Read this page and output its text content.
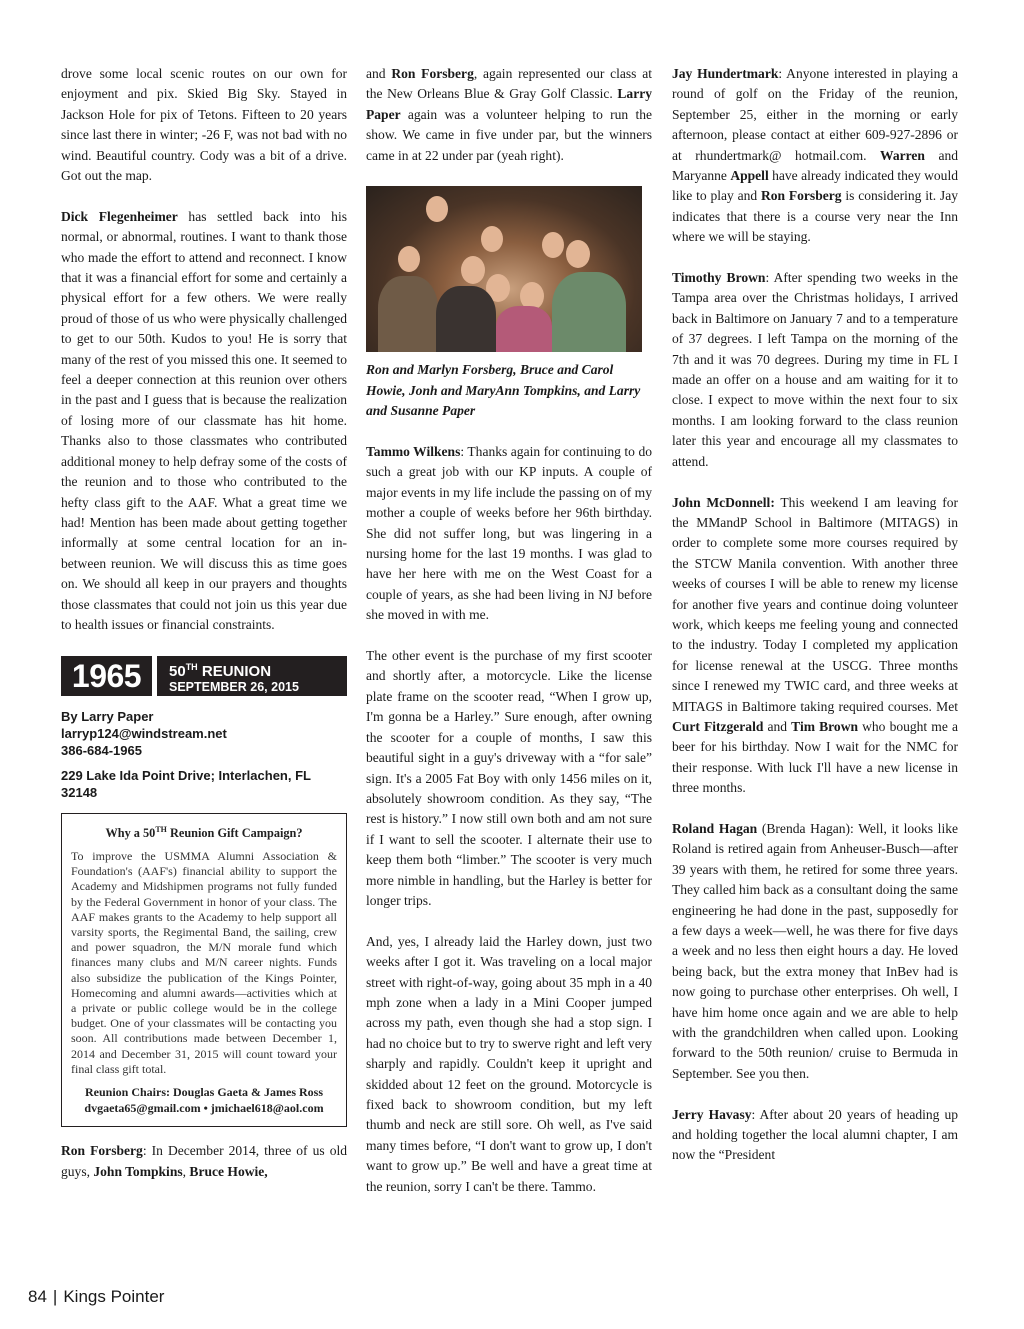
drove some local scenic routes on our own for enjoyment and pix. Skied Big Sky. Stayed in Jackson Hole for pix of Tetons. Fifteen to 20 years since last there in winter; -26 F, was not bad with no wind. Beautiful country. Cody was a bit of a drive. Got out the map.

Dick Flegenheimer has settled back into his normal, or abnormal, routines. I want to thank those who made the effort to attend and reconnect. I know that it was a financial effort for some and certainly a physical effort for a few others. We were really proud of those of us who were physically challenged to get to our 50th. Kudos to you! He is sorry that many of the rest of you missed this one. It seemed to feel a deeper connection at this reunion over others in the past and I guess that is because the realization of losing more of our classmate has hit home. Thanks also to those classmates who contributed additional money to help defray some of the costs of the reunion and to those who contributed to the hefty class gift to the AAF. What a great time we had! Mention has been made about getting together informally at some central location for an in-between reunion. We will discuss this as time goes on. We should all keep in our prayers and thoughts those classmates that could not join us this year due to health issues or financial constraints.

1965	50TH REUNION
SEPTEMBER 26, 2015
By Larry Paper
larryp124@windstream.net
386-684-1965
229 Lake Ida Point Drive; Interlachen, FL 32148
Why a 50TH Reunion Gift Campaign?
To improve the USMMA Alumni Association & Foundation's (AAF's) financial ability to support the Academy and Midshipmen programs not fully funded by the Federal Government in honor of your class. The AAF makes grants to the Academy to help support all varsity sports, the Regimental Band, the sailing, crew and power squadron, the M/N morale fund which finances many clubs and M/N career nights. Funds also subsidize the publication of the Kings Pointer, Homecoming and alumni awards—activities which at a private or public college would be in the college budget. One of your classmates will be contacting you soon. All contributions made between December 1, 2014 and December 31, 2015 will count toward your final class gift total.
Reunion Chairs: Douglas Gaeta & James Ross
dvgaeta65@gmail.com • jmichael618@aol.com

Ron Forsberg: In December 2014, three of us old guys, John Tompkins, Bruce Howie,

and Ron Forsberg, again represented our class at the New Orleans Blue & Gray Golf Classic. Larry Paper again was a volunteer helping to run the show. We came in five under par, but the winners came in at 22 under par (yeah right).

Ron and Marlyn Forsberg, Bruce and Carol Howie, Jonh and MaryAnn Tompkins, and Larry and Susanne Paper

Tammo Wilkens: Thanks again for continuing to do such a great job with our KP inputs. A couple of major events in my life include the passing on of my mother a couple of weeks before her 96th birthday. She did not suffer long, but was lingering in a nursing home for the last 19 months. I was glad to have her here with me on the West Coast for a couple of years, as she had been living in NJ before she moved in with me.

The other event is the purchase of my first scooter and shortly after, a motorcycle. Like the license plate frame on the scooter read, “When I grow up, I'm gonna be a Harley.” Sure enough, after owning the scooter for a couple of months, I saw this beautiful sight in a guy's driveway with a “for sale” sign. It's a 2005 Fat Boy with only 1456 miles on it, absolutely showroom condition. As they say, “The rest is history.” I now still own both and am not sure if I want to sell the scooter. I alternate their use to keep them both “limber.” The scooter is very much more nimble in handling, but the Harley is better for longer trips.

And, yes, I already laid the Harley down, just two weeks after I got it. Was traveling on a local major street with right-of-way, going about 35 mph in a 40 mph zone when a lady in a Mini Cooper jumped across my path, even though she had a stop sign. I had no choice but to try to swerve right and left very sharply and rapidly. Couldn't keep it upright and skidded about 12 feet on the ground. Motorcycle is fixed back to showroom condition, but my left thumb and neck are still sore. Oh well, as I've said many times before, “I don't want to grow up, I don't want to grow up.” Be well and have a great time at the reunion, sorry I can't be there. Tammo.

Jay Hundertmark: Anyone interested in playing a round of golf on the Friday of the reunion, September 25, either in the morning or early afternoon, please contact at either 609-927-2896 or at rhundertmark@ hotmail.com. Warren and Maryanne Appell have already indicated they would like to play and Ron Forsberg is considering it. Jay indicates that there is a course very near the Inn where we will be staying.

Timothy Brown: After spending two weeks in the Tampa area over the Christmas holidays, I arrived back in Baltimore on January 7 and to a temperature of 37 degrees. I left Tampa on the morning of the 7th and it was 70 degrees. During my time in FL I made an offer on a house and am waiting for it to close. I expect to move within the next four to six months. I am looking forward to the class reunion later this year and encourage all my classmates to attend.

John McDonnell: This weekend I am leaving for the MMandP School in Baltimore (MITAGS) in order to complete some more courses required by the STCW Manila convention. With another three weeks of courses I will be able to renew my license for another five years and continue doing volunteer work, which keeps me feeling young and connected to the industry. Today I completed my application for license renewal at the USCG. Three months since I renewed my TWIC card, and three weeks at MITAGS in Baltimore taking required courses. Met Curt Fitzgerald and Tim Brown who bought me a beer for his birthday. Now I wait for the NMC for their response. With luck I'll have a new license in three months.

Roland Hagan (Brenda Hagan): Well, it looks like Roland is retired again from Anheuser-Busch—after 39 years with them, he retired for some three years. They called him back as a consultant doing the same engineering he had done in the past, supposedly for a few days a week—well, he was there for five days a week and no less then eight hours a day. He loved being back, but the extra money that InBev had is now going to purchase other enterprises. Oh well, I have him home once again and we are able to help with the grandchildren when called upon. Looking forward to the 50th reunion/ cruise to Bermuda in September. See you then.

Jerry Havasy: After about 20 years of heading up and holding together the local alumni chapter, I am now the “President

84 | Kings Pointer
